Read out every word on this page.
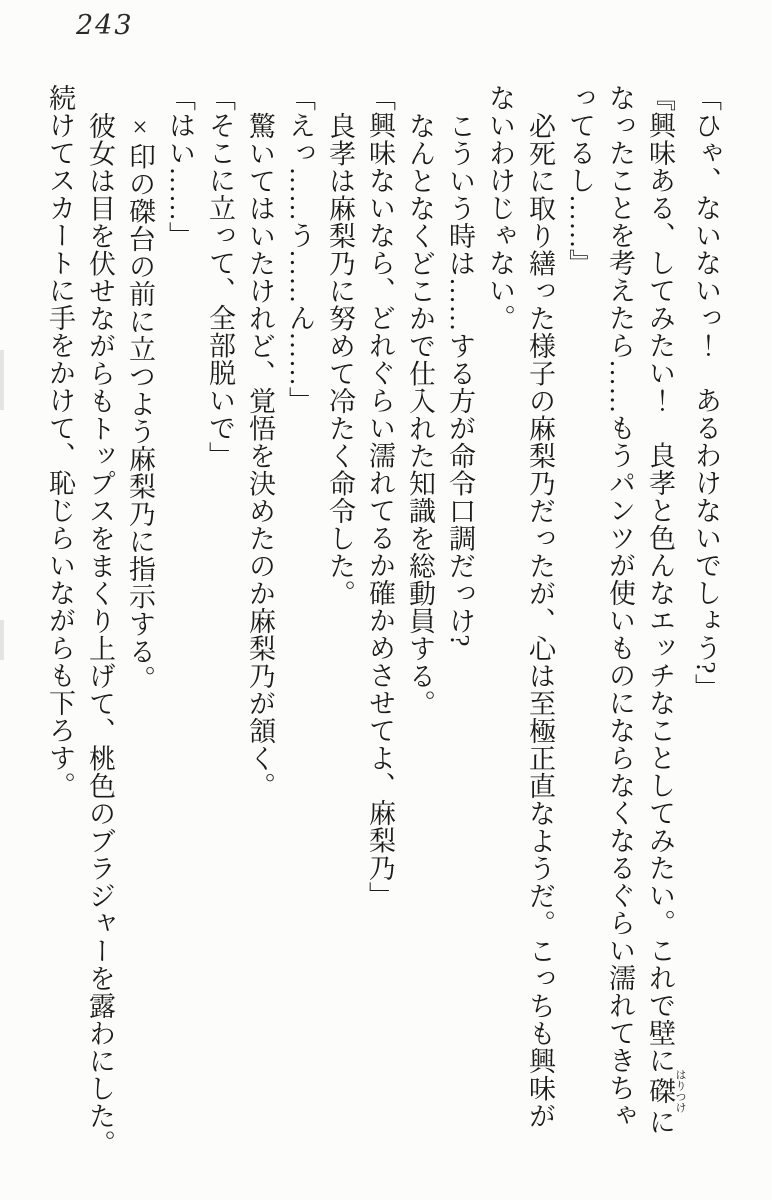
243
「ひゃ、ないないっ！　あるわけないでしょう?」
『興味ある、してみたい！　良孝と色んなエッチなことしてみたい。これで壁に磔 はりつけに
なったことを考えたら……もうパンツが使いものにならなくなるぐらい濡れてきちゃ
ってるし……』
必死に取り繕った様子の麻梨乃だったが、心は至極正直なようだ。こっちも興味が
ないわけじゃない。
こういう時は……する方が命令口調だっけ?
なんとなくどこかで仕入れた知識を総動員する。
「興味ないなら、どれぐらい濡れてるか確かめさせてよ、麻梨乃」
良孝は麻梨乃に努めて冷たく命令した。
「えっ……う……ん……」
驚いてはいたけれど、覚悟を決めたのか麻梨乃が頷く。
「そこに立って、全部脱いで」
「はい……」
×印の磔台の前に立つよう麻梨乃に指示する。
彼女は目を伏せながらもトップスをまくり上げて、桃色のブラジャーを露わにした。
続けてスカートに手をかけて、恥じらいながらも下ろす。
